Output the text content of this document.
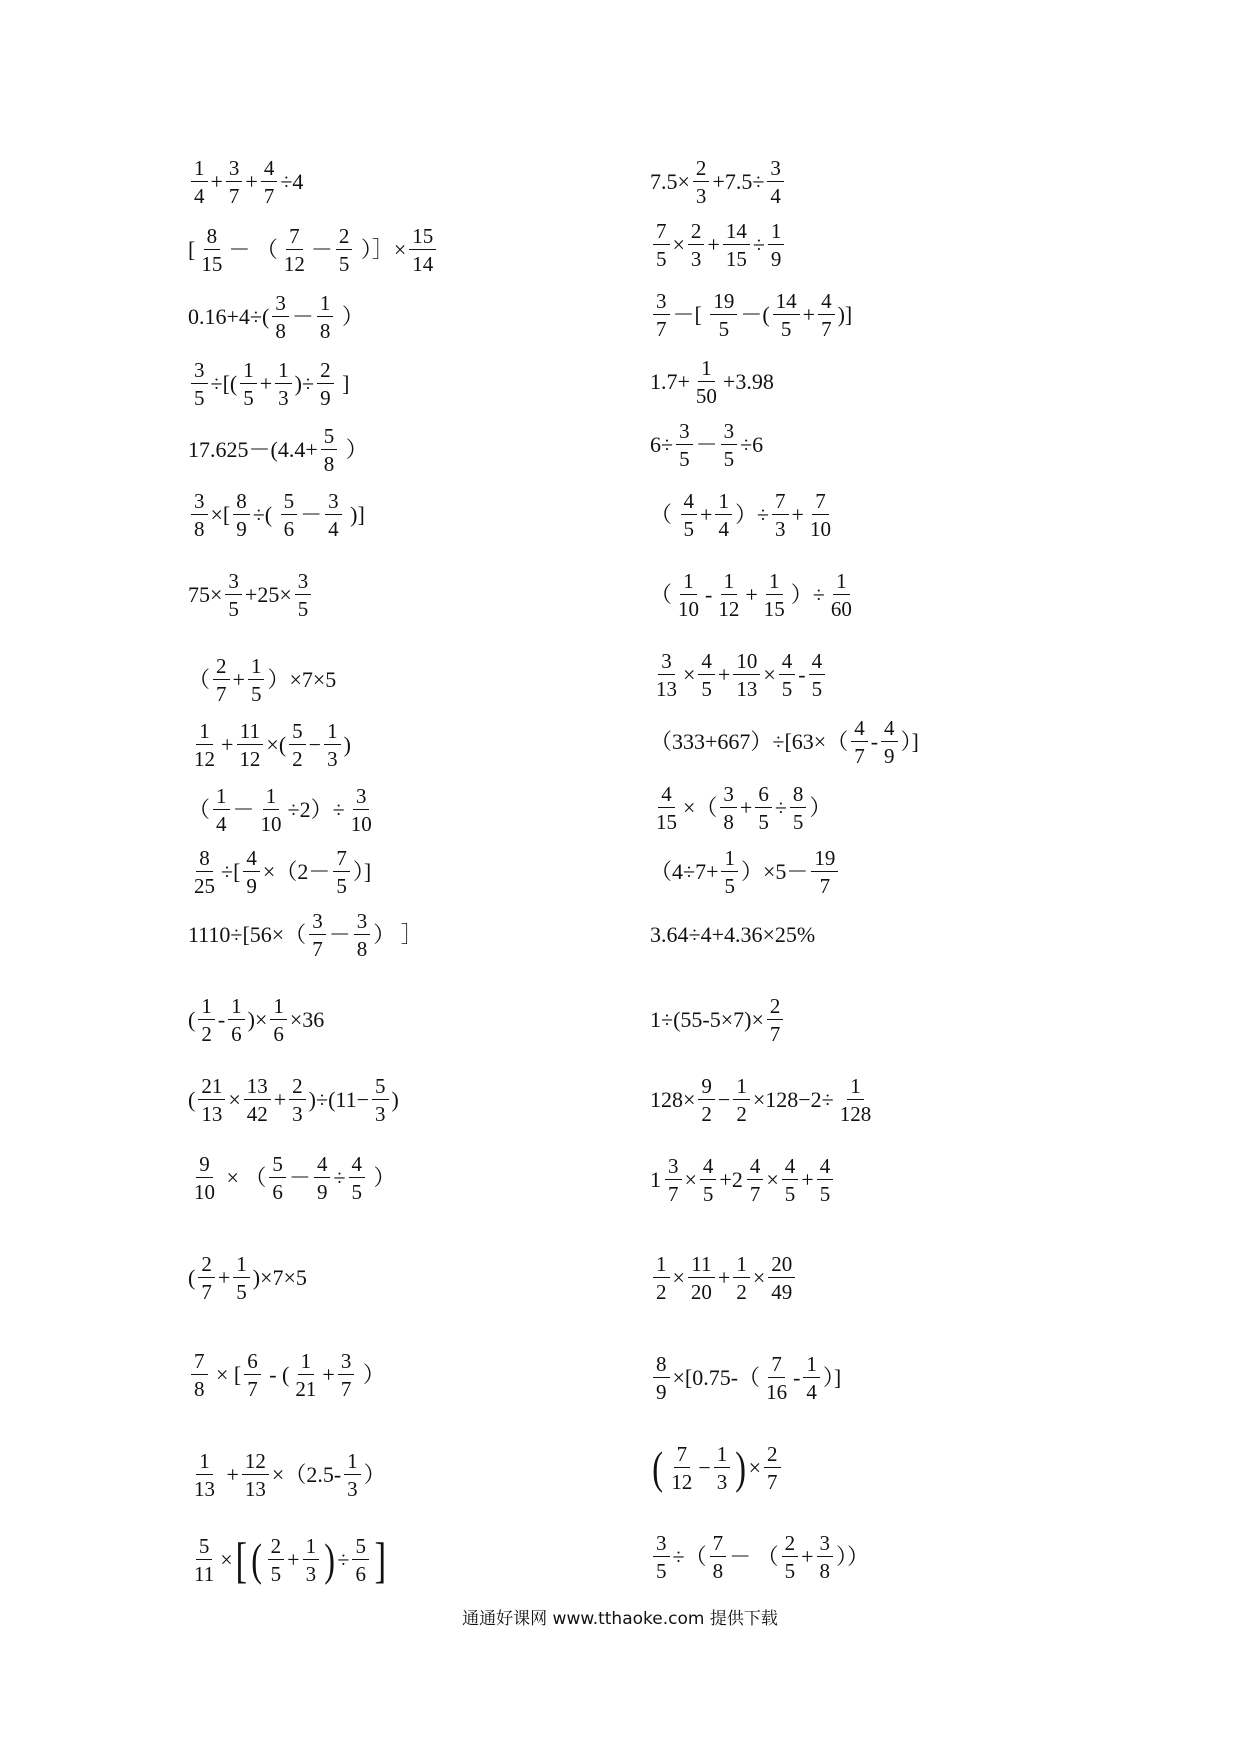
$\frac{1}{4} + \frac{3}{7} + \frac{4}{7} \div 4$
[ $\frac{8}{15}$ － （ $\frac{7}{12} - \frac{2}{5}$ ）］× $\frac{15}{14}$
$0.16+4\div( \frac{3}{8} - \frac{1}{8}$ ）
$\frac{3}{5}$ ÷[( $\frac{1}{5} + \frac{1}{3}$ )÷ $\frac{2}{9}$ ]
$17.625-(4.4+ \frac{5}{8}$ ）
$\frac{3}{8}$ ×[ $\frac{8}{9}$ ÷( $\frac{5}{6} - \frac{3}{4}$ )]
$75\times \frac{3}{5} +25\times \frac{3}{5}$
（ $\frac{2}{7} + \frac{1}{5} )\times 7\times 5$
$\frac{1}{12} + \frac{11}{12}$ ×( $\frac{5}{2} - \frac{1}{3}$ )
（ $\frac{1}{4} - \frac{1}{10} \div 2)\div \frac{3}{10}$
$\frac{8}{25}$ ÷[ $\frac{4}{9} \times(2- \frac{7}{5}$ ）]
$1110\div[56\times( \frac{3}{7} - \frac{3}{8}$ ） ］
( $\frac{1}{2} - \frac{1}{6}$ )× $\frac{1}{6} \times 36$
( $\frac{21}{13} \times \frac{13}{42} + \frac{2}{3} )\div(11- \frac{5}{3}$ )
$\frac{9}{10}$ × （ $\frac{5}{6} - \frac{4}{9} \div \frac{4}{5}$ ）
( $\frac{2}{7} + \frac{1}{5} )\times 7\times 5$
$\frac{7}{8}$ × [ $\frac{6}{7}$ - ( $\frac{1}{21} + \frac{3}{7}$ ）
$\frac{1}{13} + \frac{12}{13} \times(2.5- \frac{1}{3}$ ）
$\frac{5}{11}$ × [ ( $\frac{2}{5} + \frac{1}{3}$ ) ÷ $\frac{5}{6}$ ]
$7.5\times \frac{2}{3} +7.5\div \frac{3}{4}$
$\frac{7}{5} \times \frac{2}{3} + \frac{14}{15} \div \frac{1}{9}$
$\frac{3}{7}$ －[ $\frac{19}{5}$ －( $\frac{14}{5} + \frac{4}{7}$ )]
$1.7+ \frac{1}{50} +3.98$
$6\div \frac{3}{5} - \frac{3}{5} \div 6$
（ $\frac{4}{5} + \frac{1}{4}$ ）÷ $\frac{7}{3} + \frac{7}{10}$
（ $\frac{1}{10} - \frac{1}{12} + \frac{1}{15}$ ）÷ $\frac{1}{60}$
$\frac{3}{13} \times \frac{4}{5} + \frac{10}{13} \times \frac{4}{5} - \frac{4}{5}$
$(333+667)\div[63\times( \frac{4}{7} - \frac{4}{9}$ ）]
$\frac{4}{15}$ ×（ $\frac{3}{8} + \frac{6}{5} \div \frac{8}{5}$ ）
$(4\div 7+ \frac{1}{5} )\times 5- \frac{19}{7}$
3.64÷4+4.36×25%
$1\div(55-5\times 7)\times \frac{2}{7}$
$128\times \frac{9}{2} - \frac{1}{2} \times 128-2\div \frac{1}{128}$
$1 \frac{3}{7} \times \frac{4}{5} + 2 \frac{4}{7} \times \frac{4}{5} + \frac{4}{5}$
$\frac{1}{2} \times \frac{11}{20} + \frac{1}{2} \times \frac{20}{49}$
$\frac{8}{9} \times[0.75-( \frac{7}{16} - \frac{1}{4}$ ）]
( $\frac{7}{12} - \frac{1}{3}$ ) × $\frac{2}{7}$
$\frac{3}{5}$ ÷（ $\frac{7}{8}$ － （ $\frac{2}{5} + \frac{3}{8}$ ））
通通好课网 www.tthaoke.com 提供下载
